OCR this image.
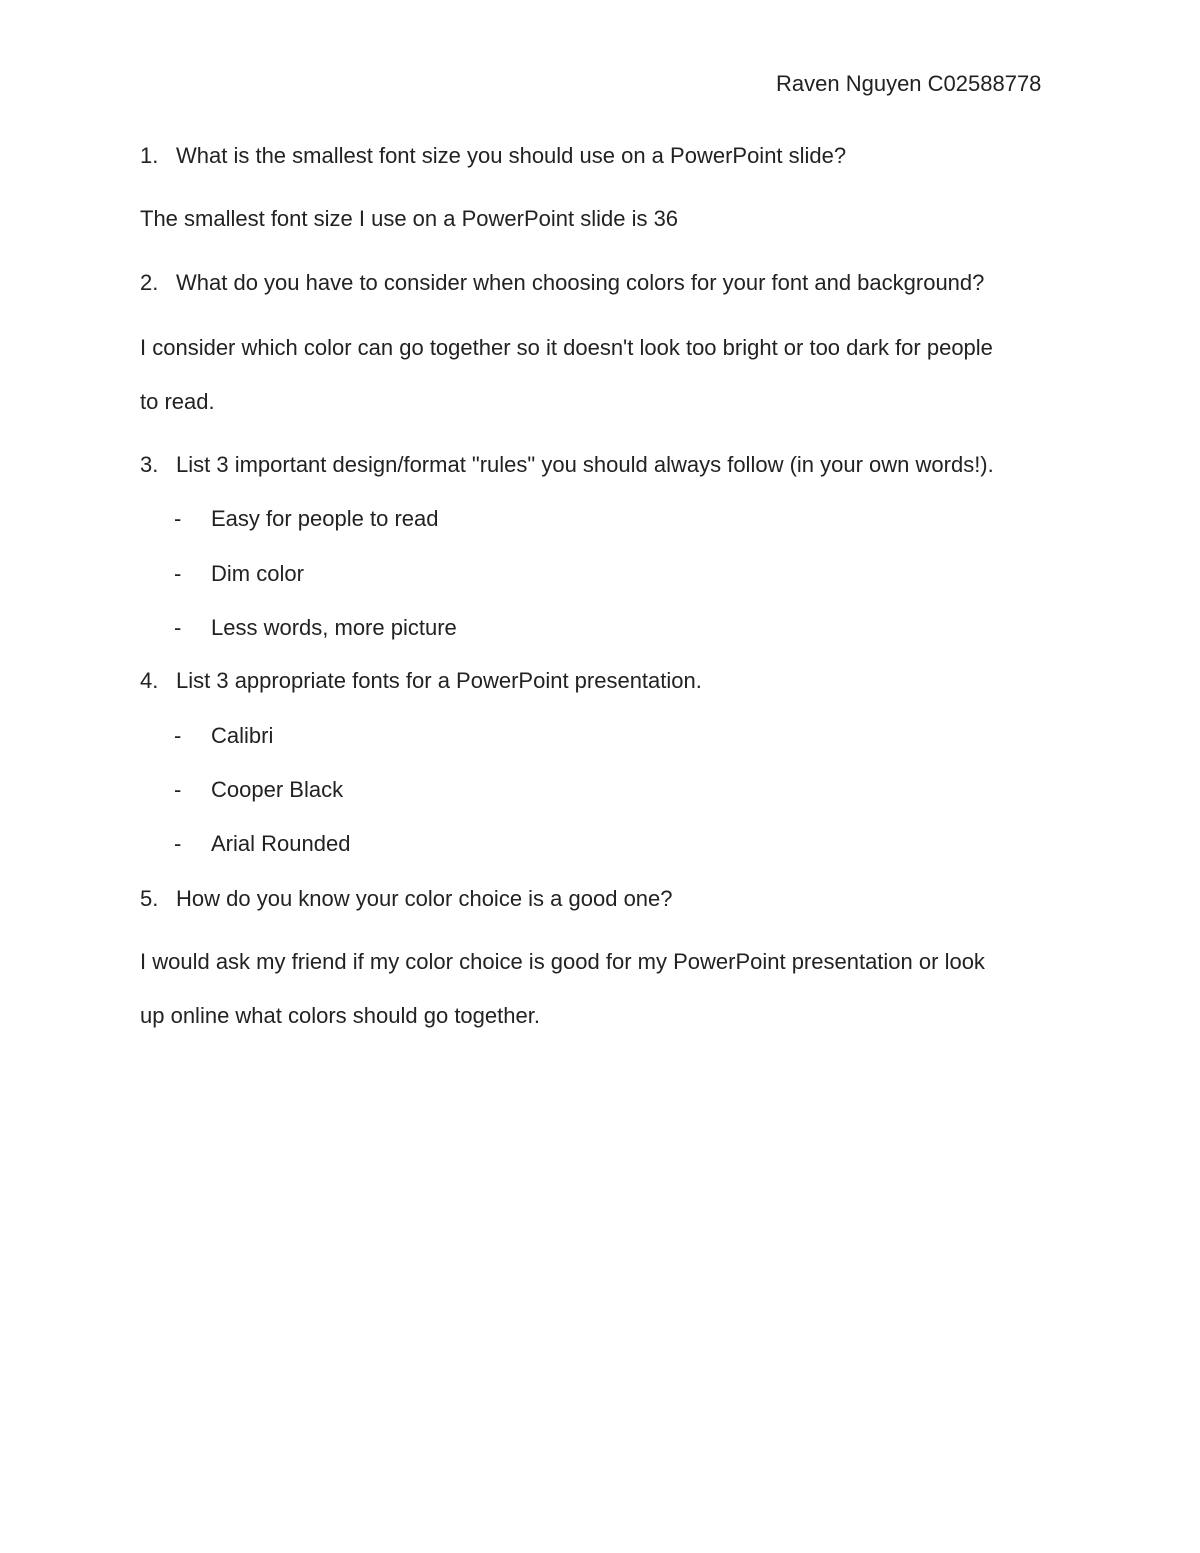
Raven Nguyen C02588778
1. What is the smallest font size you should use on a PowerPoint slide?
The smallest font size I use on a PowerPoint slide is 36
2. What do you have to consider when choosing colors for your font and background?
I consider which color can go together so it doesn't look too bright or too dark for people
to read.
3. List 3 important design/format "rules" you should always follow (in your own words!).
- Easy for people to read
- Dim color
- Less words, more picture
4. List 3 appropriate fonts for a PowerPoint presentation.
- Calibri
- Cooper Black
- Arial Rounded
5. How do you know your color choice is a good one?
I would ask my friend if my color choice is good for my PowerPoint presentation or look
up online what colors should go together.
